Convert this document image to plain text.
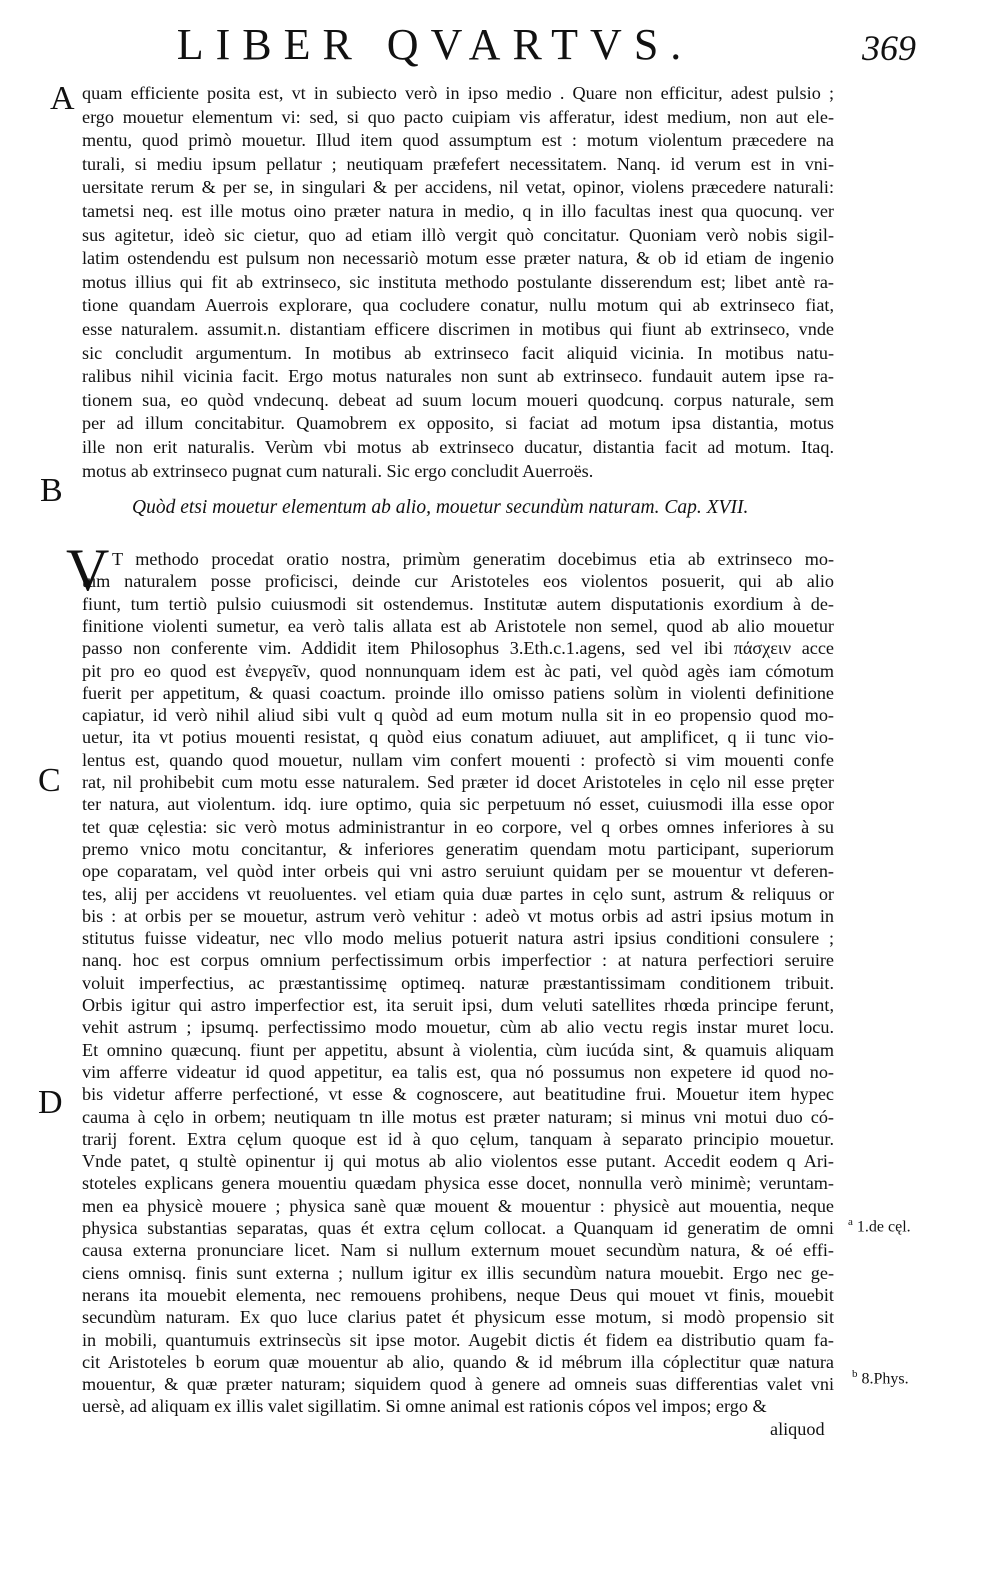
LIBER QVARTVS.	369
A
B
C
D

quam efficiente posita est, vt in subiecto verò in ipso medio . Quare non efficitur, adest pulsio ;

ergo mouetur elementum vi: sed, si quo pacto cuipiam vis afferatur, idest medium, non aut ele-

mentu, quod primò mouetur. Illud item quod assumptum est : motum violentum præcedere na

turali, si mediu ipsum pellatur ; neutiquam præfefert necessitatem. Nanq. id verum est in vni-

uersitate rerum & per se, in singulari & per accidens, nil vetat, opinor, violens præcedere naturali:

tametsi neq. est ille motus oino præter natura in medio, q in illo facultas inest qua quocunq. ver

sus agitetur, ideò sic cietur, quo ad etiam illò vergit quò concitatur. Quoniam verò nobis sigil-

latim ostendendu est pulsum non necessariò motum esse præter natura, & ob id etiam de ingenio

motus illius qui fit ab extrinseco, sic instituta methodo postulante disserendum est; libet antè ra-

tione quandam Auerrois explorare, qua cocludere conatur, nullu motum qui ab extrinseco fiat,

esse naturalem. assumit.n. distantiam efficere discrimen in motibus qui fiunt ab extrinseco, vnde

sic concludit argumentum. In motibus ab extrinseco facit aliquid vicinia. In motibus natu-

ralibus nihil vicinia facit. Ergo motus naturales non sunt ab extrinseco. fundauit autem ipse ra-

tionem sua, eo quòd vndecunq. debeat ad suum locum moueri quodcunq. corpus naturale, sem

per ad illum concitabitur. Quamobrem ex opposito, si faciat ad motum ipsa distantia, motus

ille non erit naturalis. Verùm vbi motus ab extrinseco ducatur, distantia facit ad motum. Itaq.

motus ab extrinseco pugnat cum naturali. Sic ergo concludit Auerroës.

Quòd etsi mouetur elementum ab alio, mouetur secundùm naturam. Cap. XVII.
V T methodo procedat oratio nostra, primùm generatim docebimus etia ab extrinseco mo-

tum naturalem posse proficisci, deinde cur Aristoteles eos violentos posuerit, qui ab alio

fiunt, tum tertiò pulsio cuiusmodi sit ostendemus. Institutæ autem disputationis exordium à de-

finitione violenti sumetur, ea verò talis allata est ab Aristotele non semel, quod ab alio mouetur

passo non conferente vim. Addidit item Philosophus 3.Eth.c.1.agens, sed vel ibi πάσχειν acce

pit pro eo quod est ἐνεργεῖν, quod nonnunquam idem est àc pati, vel quòd agès iam cómotum

fuerit per appetitum, & quasi coactum. proinde illo omisso patiens solùm in violenti definitione

capiatur, id verò nihil aliud sibi vult q quòd ad eum motum nulla sit in eo propensio quod mo-

uetur, ita vt potius mouenti resistat, q quòd eius conatum adiuuet, aut amplificet, q ii tunc vio-

lentus est, quando quod mouetur, nullam vim confert mouenti : profectò si vim mouenti confe

rat, nil prohibebit cum motu esse naturalem. Sed præter id docet Aristoteles in cęlo nil esse pręter

ter natura, aut violentum. idq. iure optimo, quia sic perpetuum nó esset, cuiusmodi illa esse opor

tet quæ cęlestia: sic verò motus administrantur in eo corpore, vel q orbes omnes inferiores à su

premo vnico motu concitantur, & inferiores generatim quendam motu participant, superiorum

ope coparatam, vel quòd inter orbeis qui vni astro seruiunt quidam per se mouentur vt deferen-

tes, alij per accidens vt reuoluentes. vel etiam quia duæ partes in cęlo sunt, astrum & reliquus or

bis : at orbis per se mouetur, astrum verò vehitur : adeò vt motus orbis ad astri ipsius motum in

stitutus fuisse videatur, nec vllo modo melius potuerit natura astri ipsius conditioni consulere ;

nanq. hoc est corpus omnium perfectissimum orbis imperfectior : at natura perfectiori seruire

voluit imperfectius, ac præstantissimę optimeq. naturæ præstantissimam conditionem tribuit.

Orbis igitur qui astro imperfectior est, ita seruit ipsi, dum veluti satellites rhœda principe ferunt,

vehit astrum ; ipsumq. perfectissimo modo mouetur, cùm ab alio vectu regis instar muret locu.

Et omnino quæcunq. fiunt per appetitu, absunt à violentia, cùm iucúda sint, & quamuis aliquam

vim afferre videatur id quod appetitur, ea talis est, qua nó possumus non expetere id quod no-

bis videtur afferre perfectioné, vt esse & cognoscere, aut beatitudine frui. Mouetur item hypec

cauma à cęlo in orbem; neutiquam tn ille motus est præter naturam; si minus vni motui duo có-

trarij forent. Extra cęlum quoque est id à quo cęlum, tanquam à separato principio mouetur.

Vnde patet, q stultè opinentur ij qui motus ab alio violentos esse putant. Accedit eodem q Ari-

stoteles explicans genera mouentiu quædam physica esse docet, nonnulla verò minimè; veruntam-

men ea physicè mouere ; physica sanè quæ mouent & mouentur : physicè aut mouentia, neque

physica substantias separatas, quas ét extra cęlum collocat. a Quanquam id generatim de omni

causa externa pronunciare licet. Nam si nullum externum mouet secundùm natura, & oé effi-

ciens omnisq. finis sunt externa ; nullum igitur ex illis secundùm natura mouebit. Ergo nec ge-

nerans ita mouebit elementa, nec remouens prohibens, neque Deus qui mouet vt finis, mouebit

secundùm naturam. Ex quo luce clarius patet ét physicum esse motum, si modò propensio sit

in mobili, quantumuis extrinsecùs sit ipse motor. Augebit dictis ét fidem ea distributio quam fa-

cit Aristoteles b eorum quæ mouentur ab alio, quando & id mébrum illa cóplectitur quæ natura

mouentur, & quæ præter naturam; siquidem quod à genere ad omneis suas differentias valet vni

uersè, ad aliquam ex illis valet sigillatim. Si omne animal est rationis cópos vel impos; ergo &

$^a$ 1.de cęl.
$^b$ 8.Phys.
aliquod
